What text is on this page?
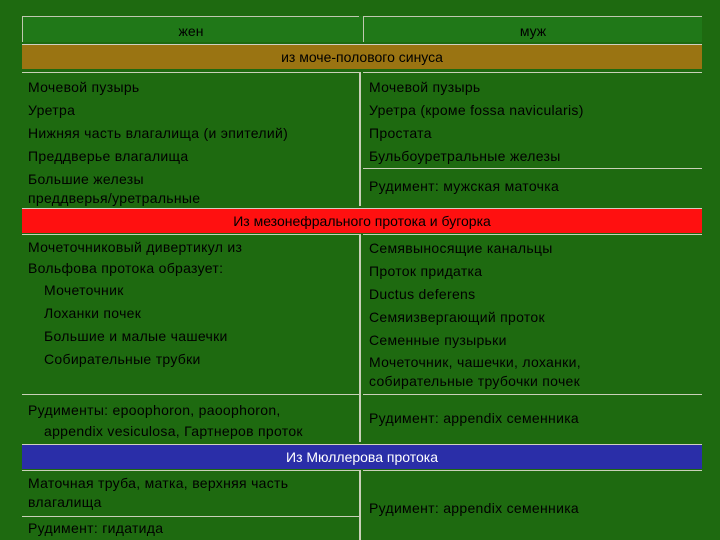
жен	муж
из моче-полового синуса
Мочевой пузырь
Уретра
Нижняя часть влагалища (и эпителий)
Преддверье влагалища
Большие железы
преддверья/уретральные
Мочевой пузырь
Уретра (кроме fossa navicularis)
Простата
Бульбоуретральные железы
Рудимент: мужская маточка
Из мезонефрального протока и бугорка
Мочеточниковый дивертикул из
Вольфова протока образует:
Мочеточник
Лоханки почек
Большие и малые чашечки
Собирательные трубки
Семявыносящие канальцы
Проток придатка
Ductus deferens
Семяизвергающий проток
Семенные пузырьки
Мочеточник, чашечки, лоханки,
собирательные трубочки почек
Рудименты: epoophoron, paoophoron,
appendix vesiculosa, Гартнеров проток
Рудимент: appendix семенника
Из Мюллерова протока
Маточная труба, матка, верхняя часть
влагалища
Рудимент: гидатида
Рудимент: appendix семенника
